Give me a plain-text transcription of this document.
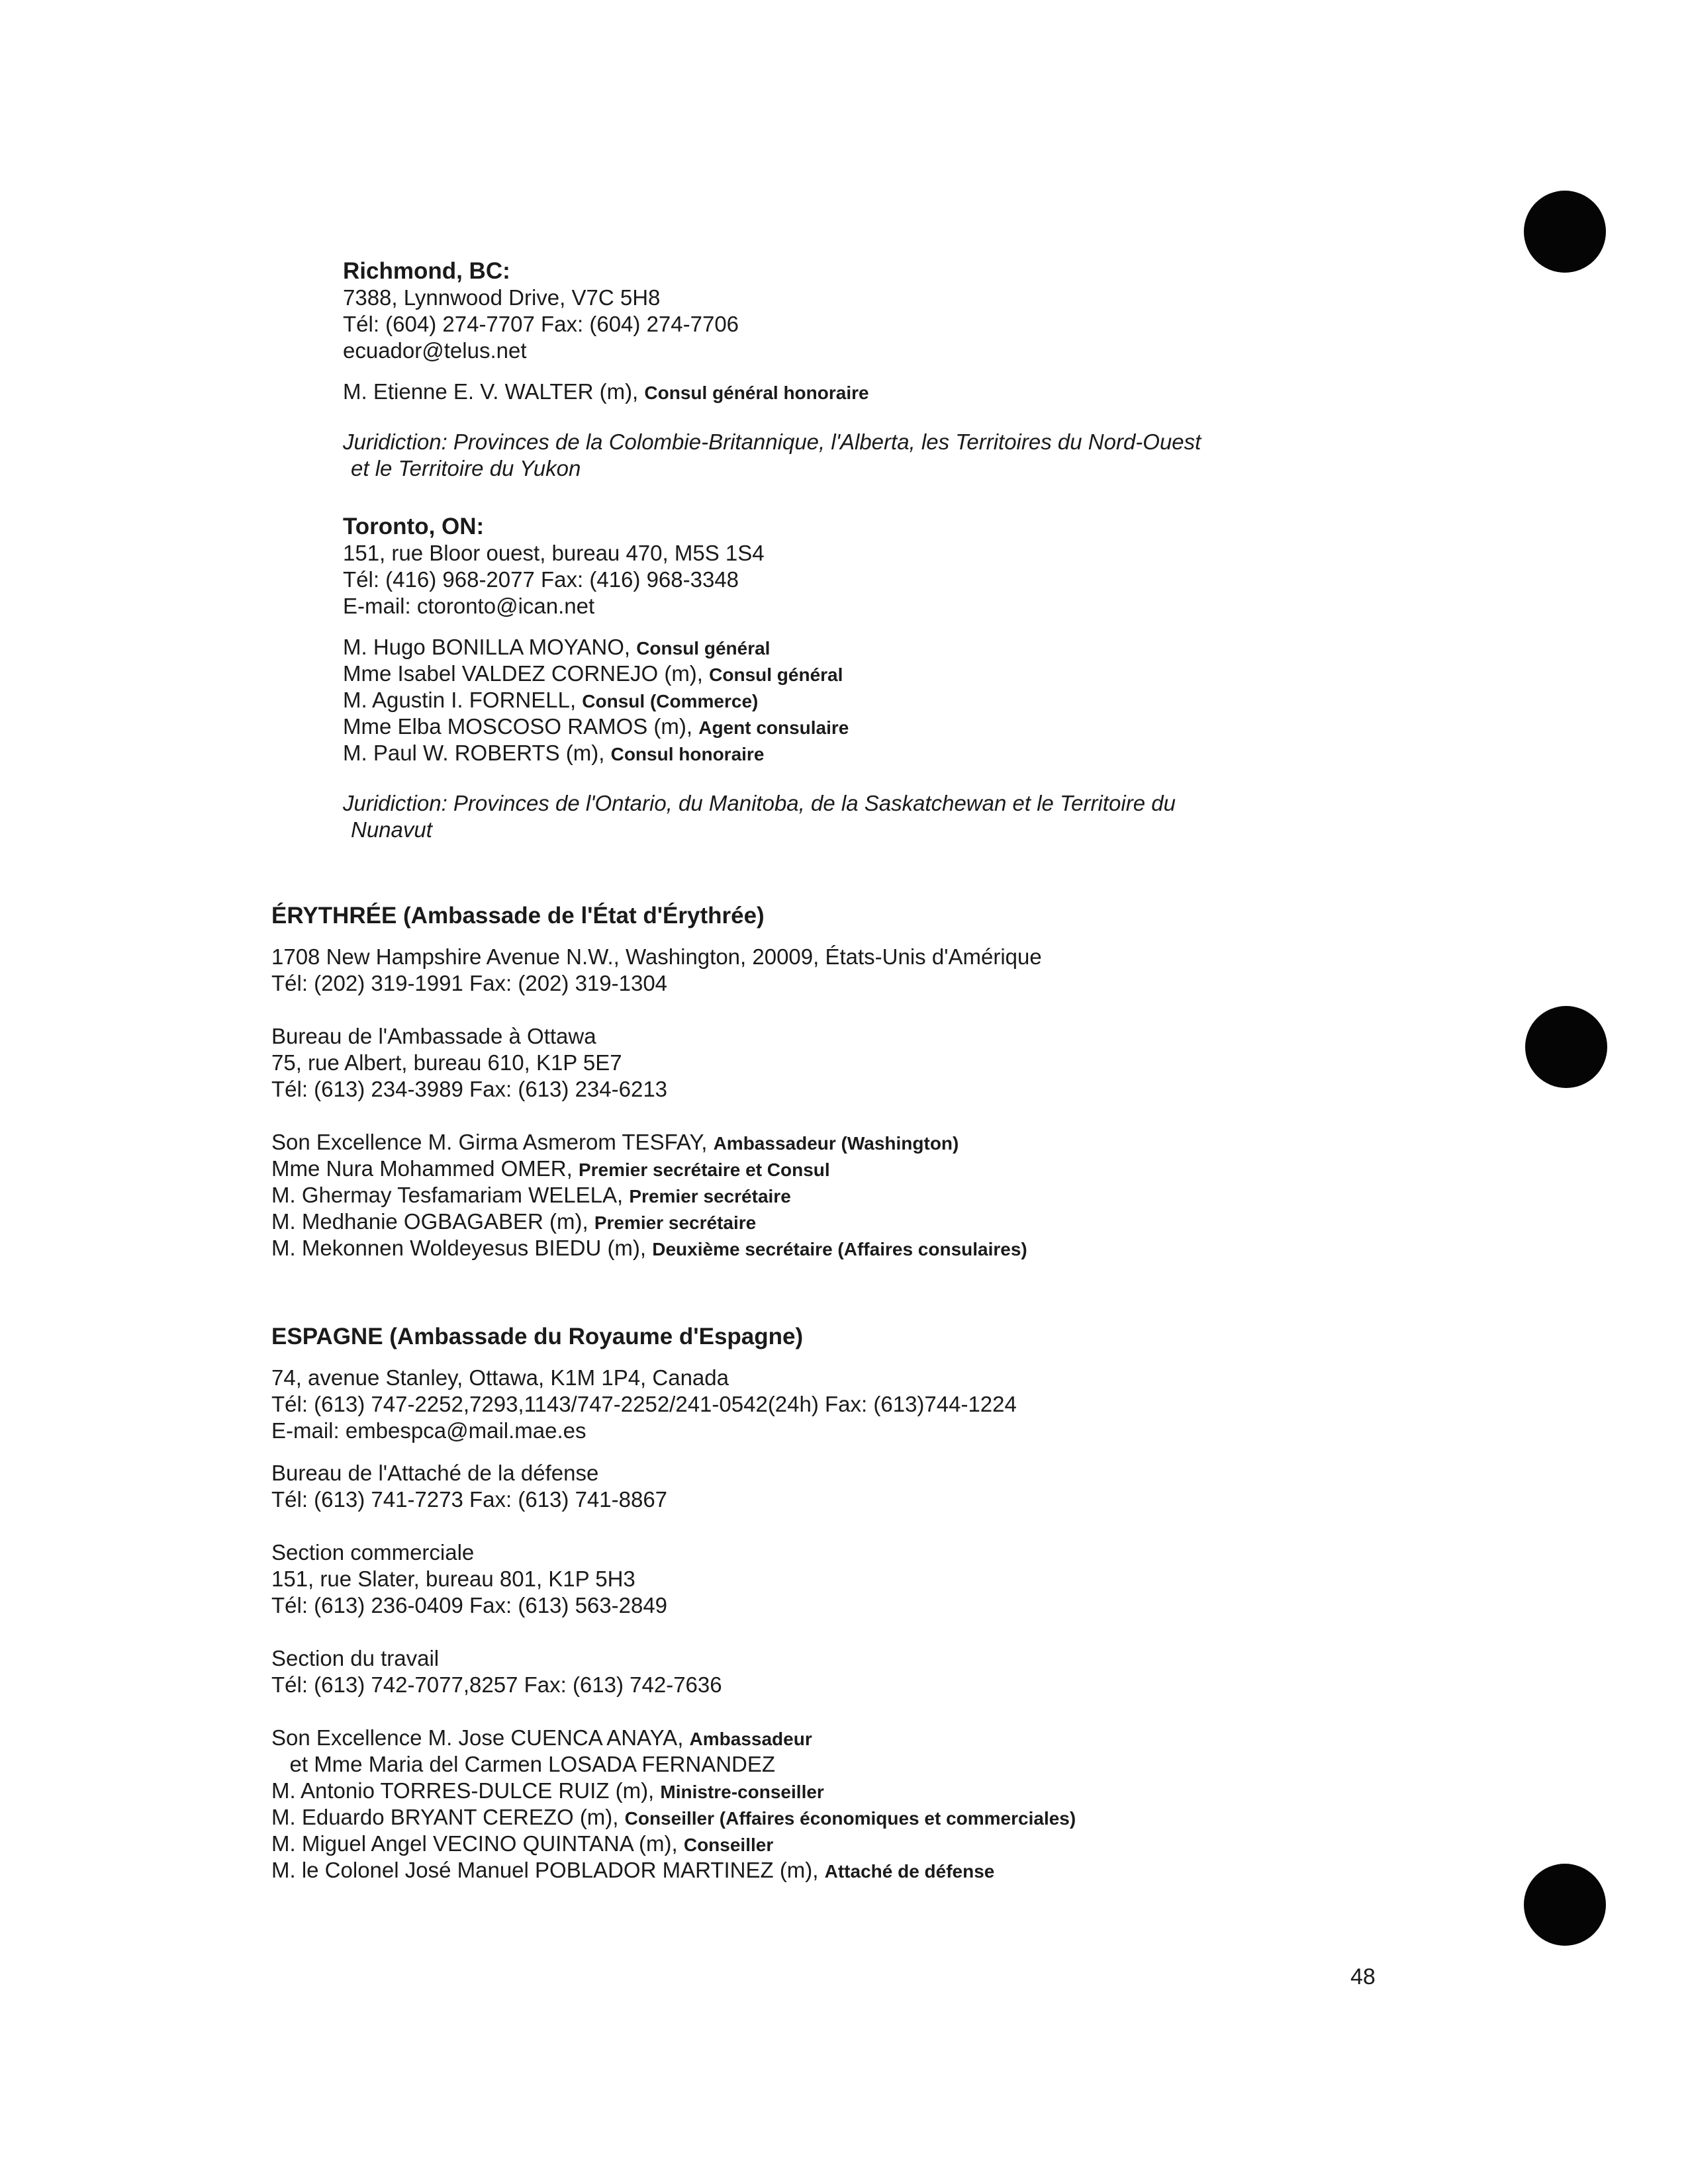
Richmond, BC:
7388, Lynnwood Drive, V7C 5H8
Tél: (604) 274-7707 Fax: (604) 274-7706
ecuador@telus.net
M. Etienne E. V. WALTER (m), Consul général honoraire
Juridiction: Provinces de la Colombie-Britannique, l'Alberta, les Territoires du Nord-Ouest
et le Territoire du Yukon
Toronto, ON:
151, rue Bloor ouest, bureau 470, M5S 1S4
Tél: (416) 968-2077 Fax: (416) 968-3348
E-mail: ctoronto@ican.net
M. Hugo BONILLA MOYANO, Consul général
Mme Isabel VALDEZ CORNEJO (m), Consul général
M. Agustin I. FORNELL, Consul (Commerce)
Mme Elba MOSCOSO RAMOS (m), Agent consulaire
M. Paul W. ROBERTS (m), Consul honoraire
Juridiction: Provinces de l'Ontario, du Manitoba, de la Saskatchewan et le Territoire du
Nunavut
ÉRYTHRÉE (Ambassade de l'État d'Érythrée)
1708 New Hampshire Avenue N.W., Washington, 20009, États-Unis d'Amérique
Tél: (202) 319-1991 Fax: (202) 319-1304
Bureau de l'Ambassade à Ottawa
75, rue Albert, bureau 610, K1P 5E7
Tél: (613) 234-3989 Fax: (613) 234-6213
Son Excellence M. Girma Asmerom TESFAY, Ambassadeur (Washington)
Mme Nura Mohammed OMER, Premier secrétaire et Consul
M. Ghermay Tesfamariam WELELA, Premier secrétaire
M. Medhanie OGBAGABER (m), Premier secrétaire
M. Mekonnen Woldeyesus BIEDU (m), Deuxième secrétaire (Affaires consulaires)
ESPAGNE (Ambassade du Royaume d'Espagne)
74, avenue Stanley, Ottawa, K1M 1P4, Canada
Tél: (613) 747-2252,7293,1143/747-2252/241-0542(24h) Fax: (613)744-1224
E-mail: embespca@mail.mae.es
Bureau de l'Attaché de la défense
Tél: (613) 741-7273 Fax: (613) 741-8867
Section commerciale
151, rue Slater, bureau 801, K1P 5H3
Tél: (613) 236-0409 Fax: (613) 563-2849
Section du travail
Tél: (613) 742-7077,8257 Fax: (613) 742-7636
Son Excellence M. Jose CUENCA ANAYA, Ambassadeur
et Mme Maria del Carmen LOSADA FERNANDEZ
M. Antonio TORRES-DULCE RUIZ (m), Ministre-conseiller
M. Eduardo BRYANT CEREZO (m), Conseiller (Affaires économiques et commerciales)
M. Miguel Angel VECINO QUINTANA (m), Conseiller
M. le Colonel José Manuel POBLADOR MARTINEZ (m), Attaché de défense
48
